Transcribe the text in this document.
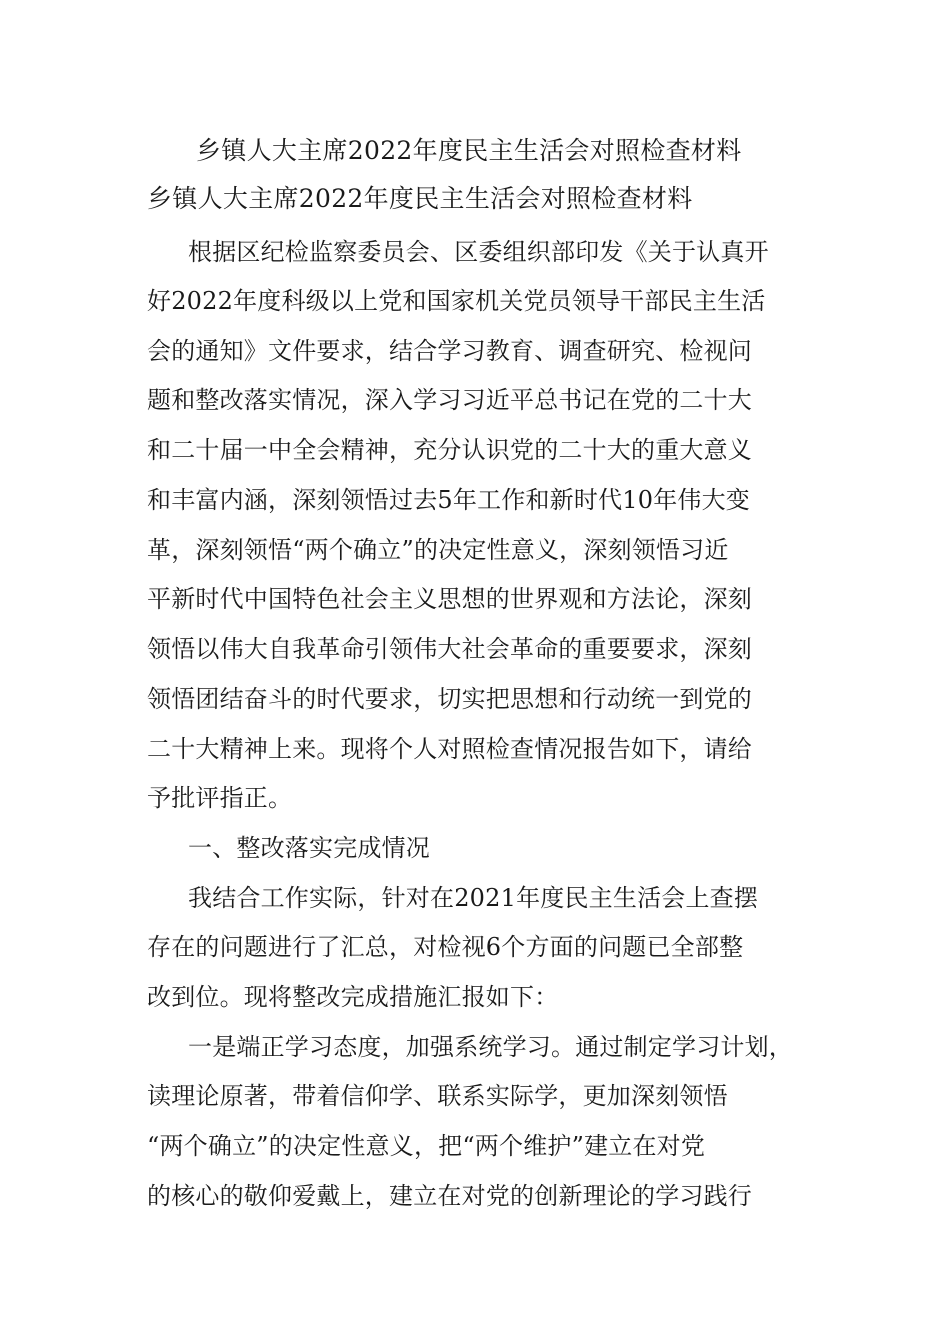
乡镇人大主席2022年度民主生活会对照检查材料
乡镇人大主席2022年度民主生活会对照检查材料
根据区纪检监察委员会、区委组织部印发《关于认真开
好2022年度科级以上党和国家机关党员领导干部民主生活
会的通知》文件要求，结合学习教育、调查研究、检视问
题和整改落实情况，深入学习习近平总书记在党的二十大
和二十届一中全会精神，充分认识党的二十大的重大意义
和丰富内涵，深刻领悟过去5年工作和新时代10年伟大变
革，深刻领悟“两个确立”的决定性意义，深刻领悟习近
平新时代中国特色社会主义思想的世界观和方法论，深刻
领悟以伟大自我革命引领伟大社会革命的重要要求，深刻
领悟团结奋斗的时代要求，切实把思想和行动统一到党的
二十大精神上来。现将个人对照检查情况报告如下，请给
予批评指正。
一、整改落实完成情况
我结合工作实际，针对在2021年度民主生活会上查摆
存在的问题进行了汇总，对检视6个方面的问题已全部整
改到位。现将整改完成措施汇报如下：
一是端正学习态度，加强系统学习。通过制定学习计划，
读理论原著，带着信仰学、联系实际学，更加深刻领悟
“两个确立”的决定性意义，把“两个维护”建立在对党
的核心的敬仰爱戴上，建立在对党的创新理论的学习践行
